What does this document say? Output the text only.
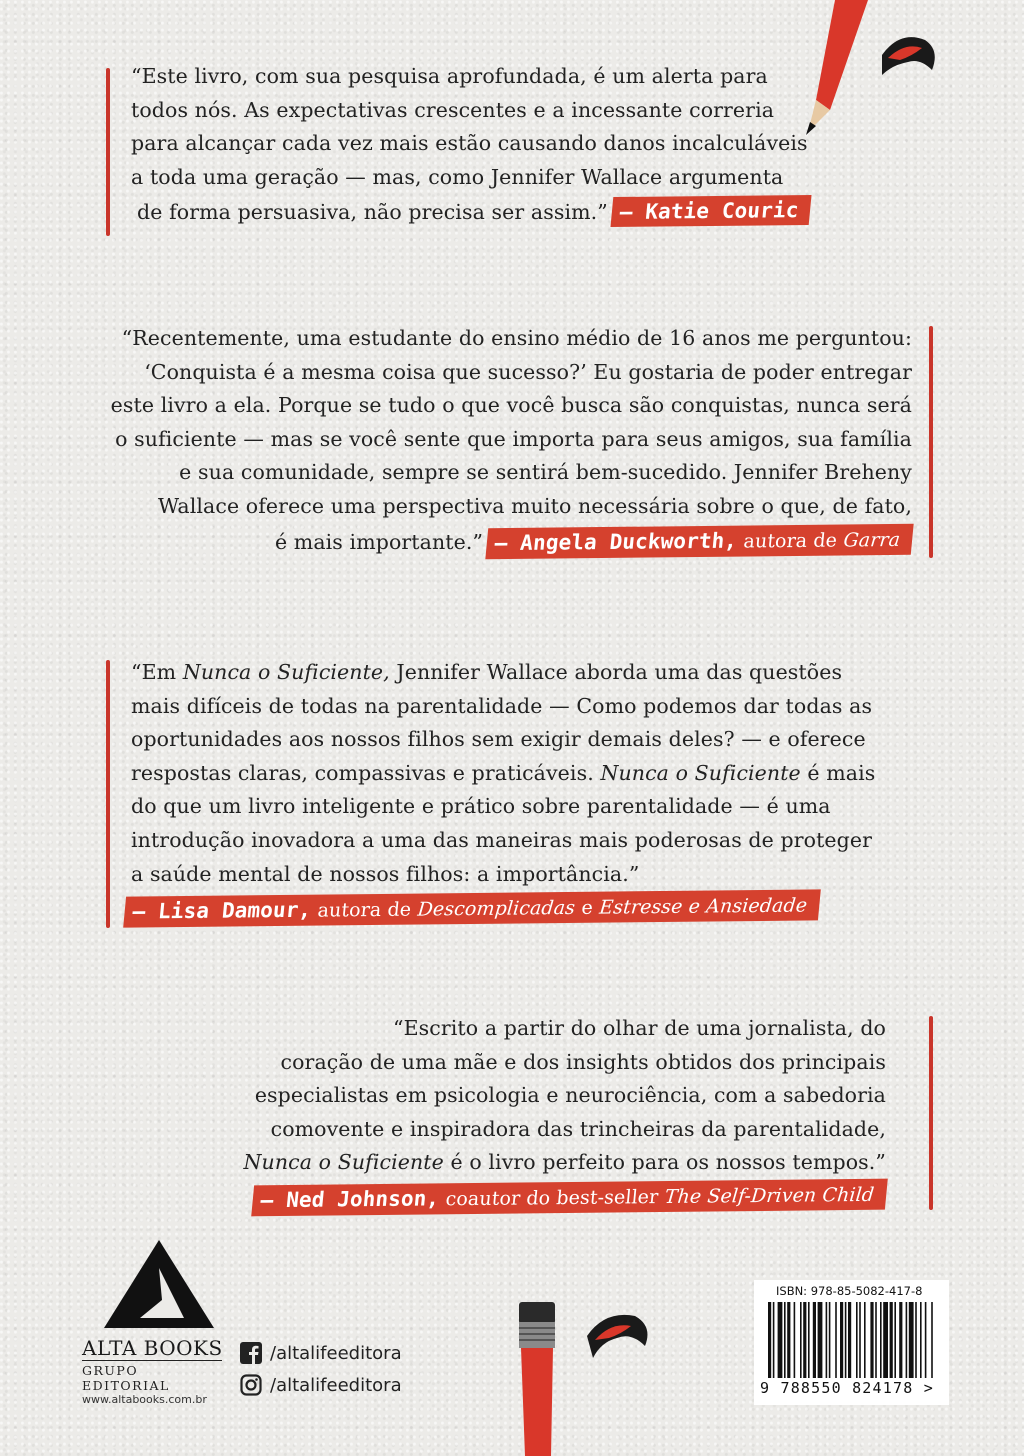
“Este livro, com sua pesquisa aprofundada, é um alerta para

todos nós. As expectativas crescentes e a incessante correria

para alcançar cada vez mais estão causando danos incalculáveis

a toda uma geração — mas, como Jennifer Wallace argumenta

de forma persuasiva, não precisa ser assim.” — Katie Couric

“Recentemente, uma estudante do ensino médio de 16 anos me perguntou:

‘Conquista é a mesma coisa que sucesso?’ Eu gostaria de poder entregar

este livro a ela. Porque se tudo o que você busca são conquistas, nunca será

o suficiente — mas se você sente que importa para seus amigos, sua família

e sua comunidade, sempre se sentirá bem-sucedido. Jennifer Breheny

Wallace oferece uma perspectiva muito necessária sobre o que, de fato,

é mais importante.” — Angela Duckworth, autora de Garra

“Em Nunca o Suficiente, Jennifer Wallace aborda uma das questões

mais difíceis de todas na parentalidade — Como podemos dar todas as

oportunidades aos nossos filhos sem exigir demais deles? — e oferece

respostas claras, compassivas e praticáveis. Nunca o Suficiente é mais

do que um livro inteligente e prático sobre parentalidade — é uma

introdução inovadora a uma das maneiras mais poderosas de proteger

a saúde mental de nossos filhos: a importância.”

— Lisa Damour, autora de Descomplicadas e Estresse e Ansiedade

“Escrito a partir do olhar de uma jornalista, do

coração de uma mãe e dos insights obtidos dos principais

especialistas em psicologia e neurociência, com a sabedoria

comovente e inspiradora das trincheiras da parentalidade,

Nunca o Suficiente é o livro perfeito para os nossos tempos.”

— Ned Johnson, coautor do best-seller The Self-Driven Child

ALTA BOOKS
GRUPO EDITORIAL
www.altabooks.com.br
/altalifeeditora
/altalifeeditora
ISBN: 978-85-5082-417-8
9 788550 824178 >
